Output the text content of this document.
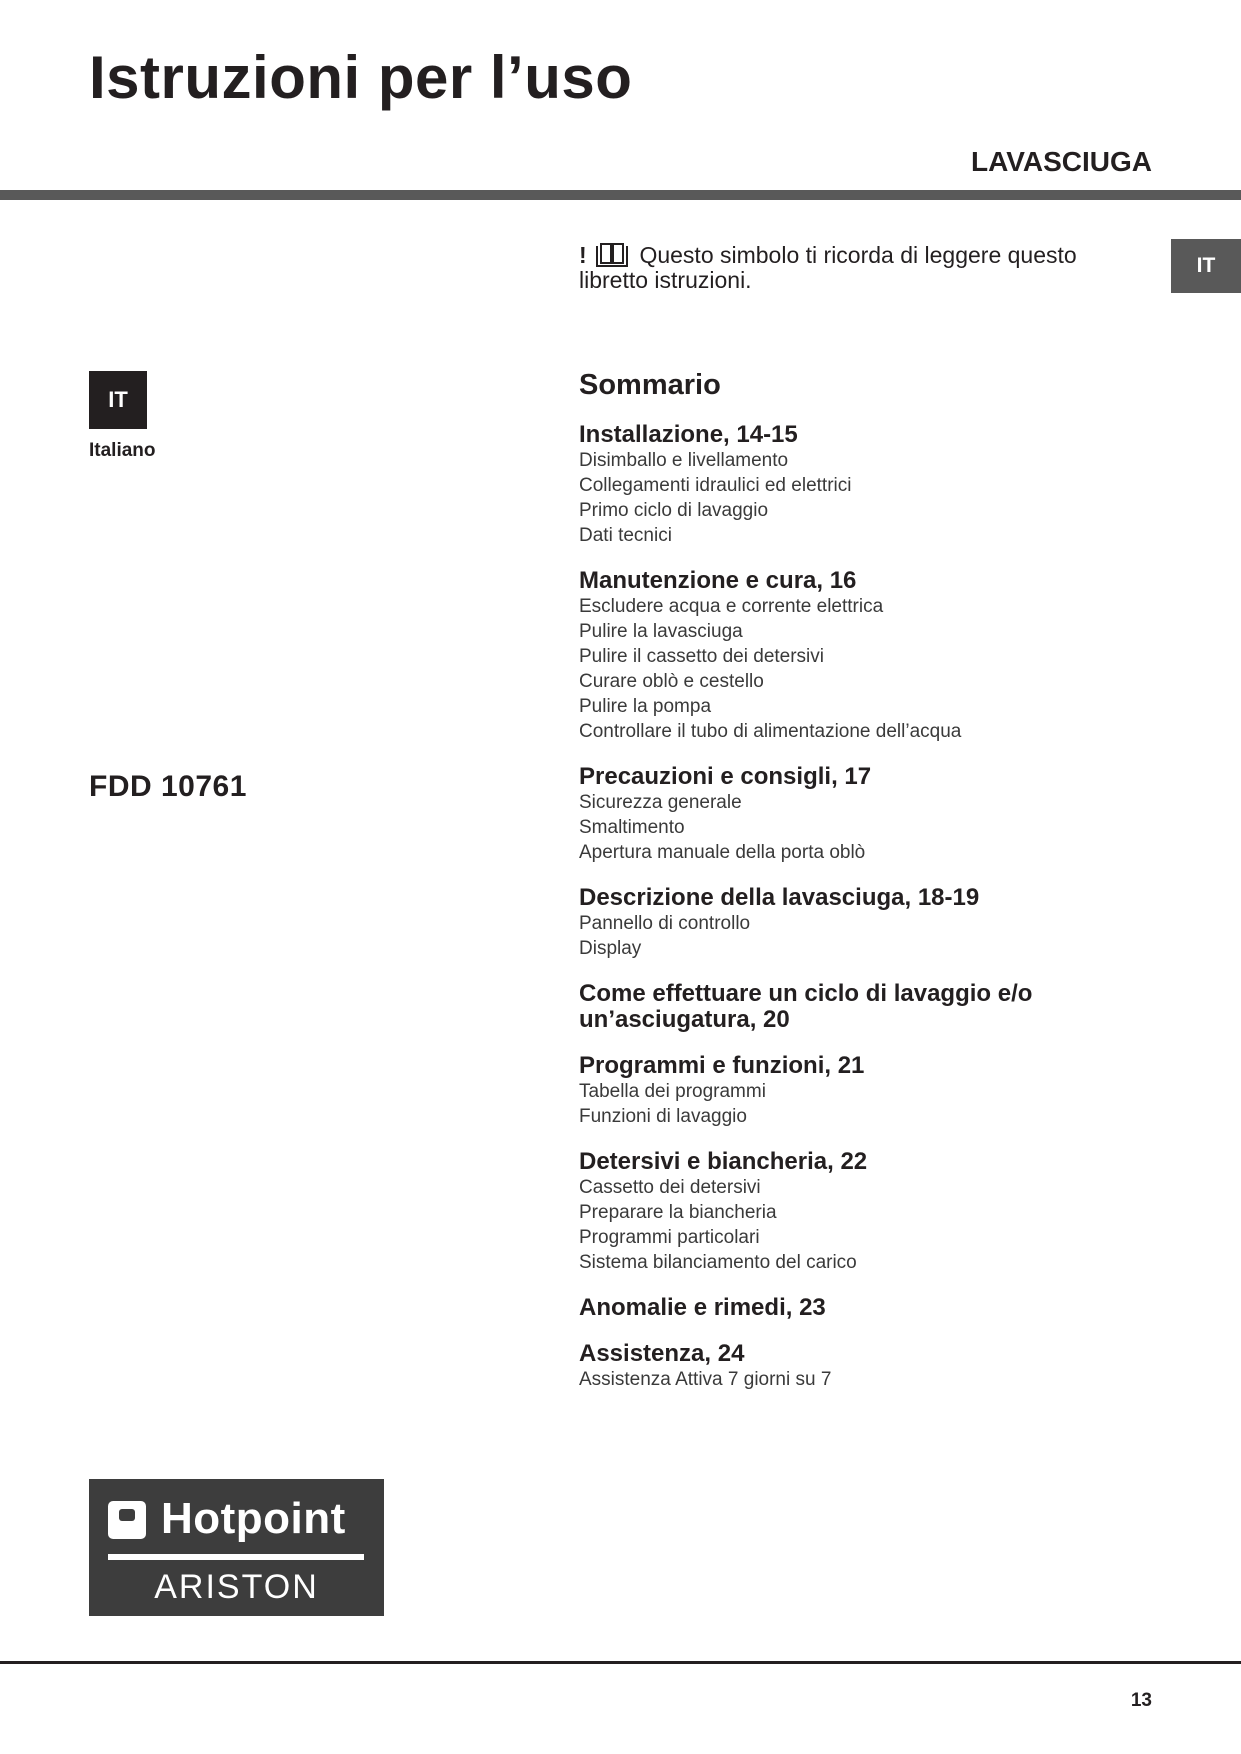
Istruzioni per l’uso
LAVASCIUGA
IT
! Questo simbolo ti ricorda di leggere questo libretto istruzioni.
IT
Italiano
FDD 10761
Sommario
Installazione, 14-15
Disimballo e livellamento
Collegamenti idraulici ed elettrici
Primo ciclo di lavaggio
Dati tecnici
Manutenzione e cura, 16
Escludere acqua e corrente elettrica
Pulire la lavasciuga
Pulire il cassetto dei detersivi
Curare oblò e cestello
Pulire la pompa
Controllare il tubo di alimentazione dell’acqua
Precauzioni e consigli, 17
Sicurezza generale
Smaltimento
Apertura manuale della porta oblò
Descrizione della lavasciuga, 18-19
Pannello di controllo
Display
Come effettuare un ciclo di lavaggio e/o un’asciugatura, 20
Programmi e funzioni, 21
Tabella dei programmi
Funzioni di lavaggio
Detersivi e biancheria, 22
Cassetto dei detersivi
Preparare la biancheria
Programmi particolari
Sistema bilanciamento del carico
Anomalie e rimedi, 23
Assistenza, 24
Assistenza Attiva 7 giorni su 7
Hotpoint
ARISTON
13
